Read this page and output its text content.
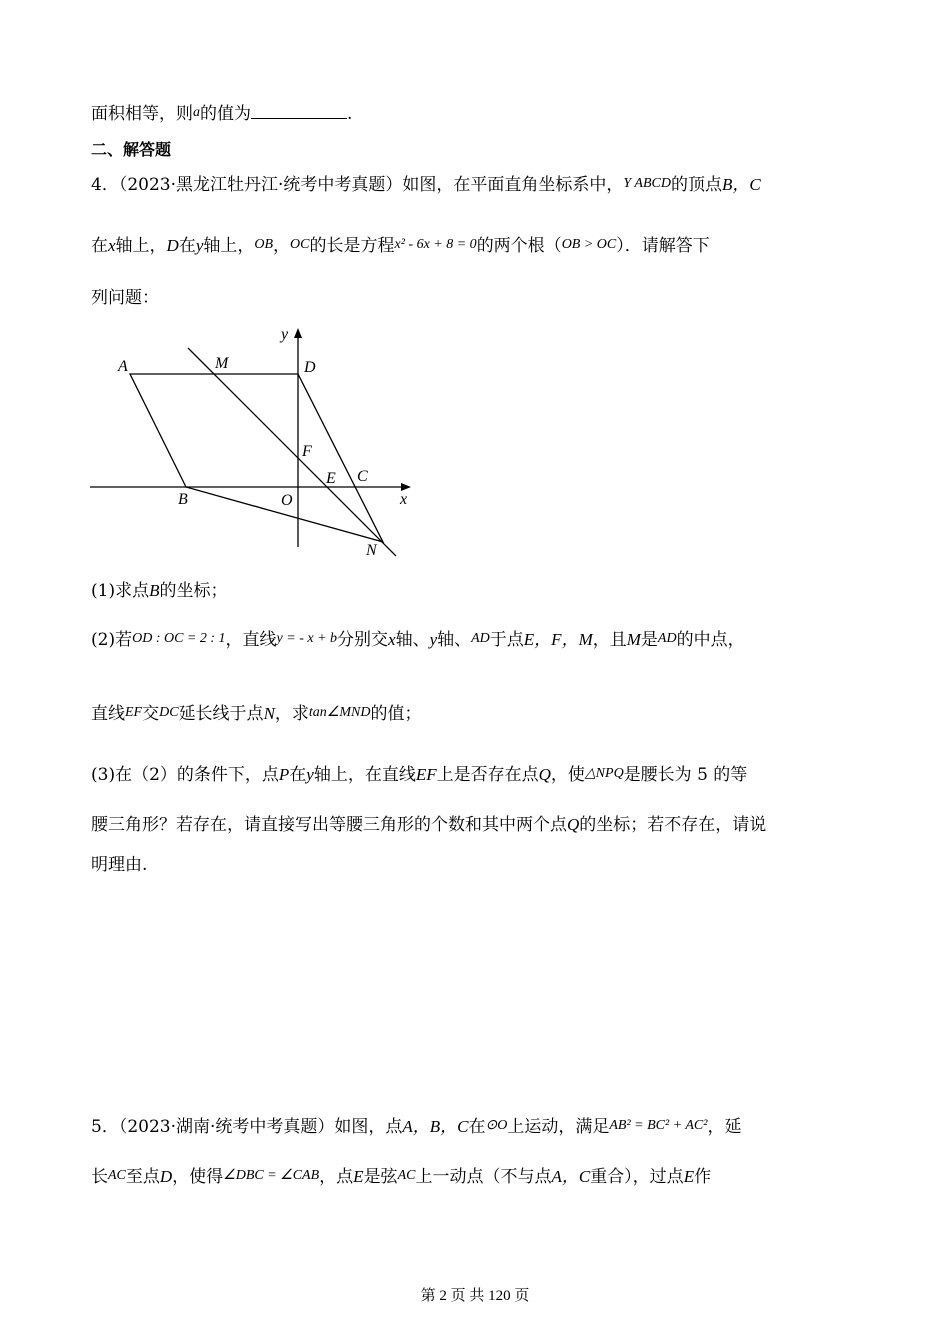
面积相等，则a的值为	.
二、解答题
4．（2023·黑龙江牡丹江·统考中考真题）如图，在平面直角坐标系中，Y ABCD的顶点B，C
在x轴上，D在y轴上，OB，OC的长是方程x² - 6x + 8 = 0的两个根（OB > OC）．请解答下
列问题：
A	M	D
F
E C
B	O	x
y
N
(1)求点B的坐标；
(2)若OD : OC = 2 : 1，直线y = - x + b分别交x轴、y轴、AD于点E，F，M，且M是AD的中点，
直线EF交DC延长线于点N，求tan∠MND的值；
(3)在（2）的条件下，点P在y轴上，在直线EF上是否存在点Q，使△NPQ是腰长为 5 的等
腰三角形？若存在，请直接写出等腰三角形的个数和其中两个点Q的坐标；若不存在，请说
明理由.
5．（2023·湖南·统考中考真题）如图，点A，B，C在⊙O上运动，满足AB² = BC² + AC²，延
长AC至点D，使得∠DBC = ∠CAB，点E是弦AC上一动点（不与点A，C重合），过点E作
第 2 页 共 120 页
